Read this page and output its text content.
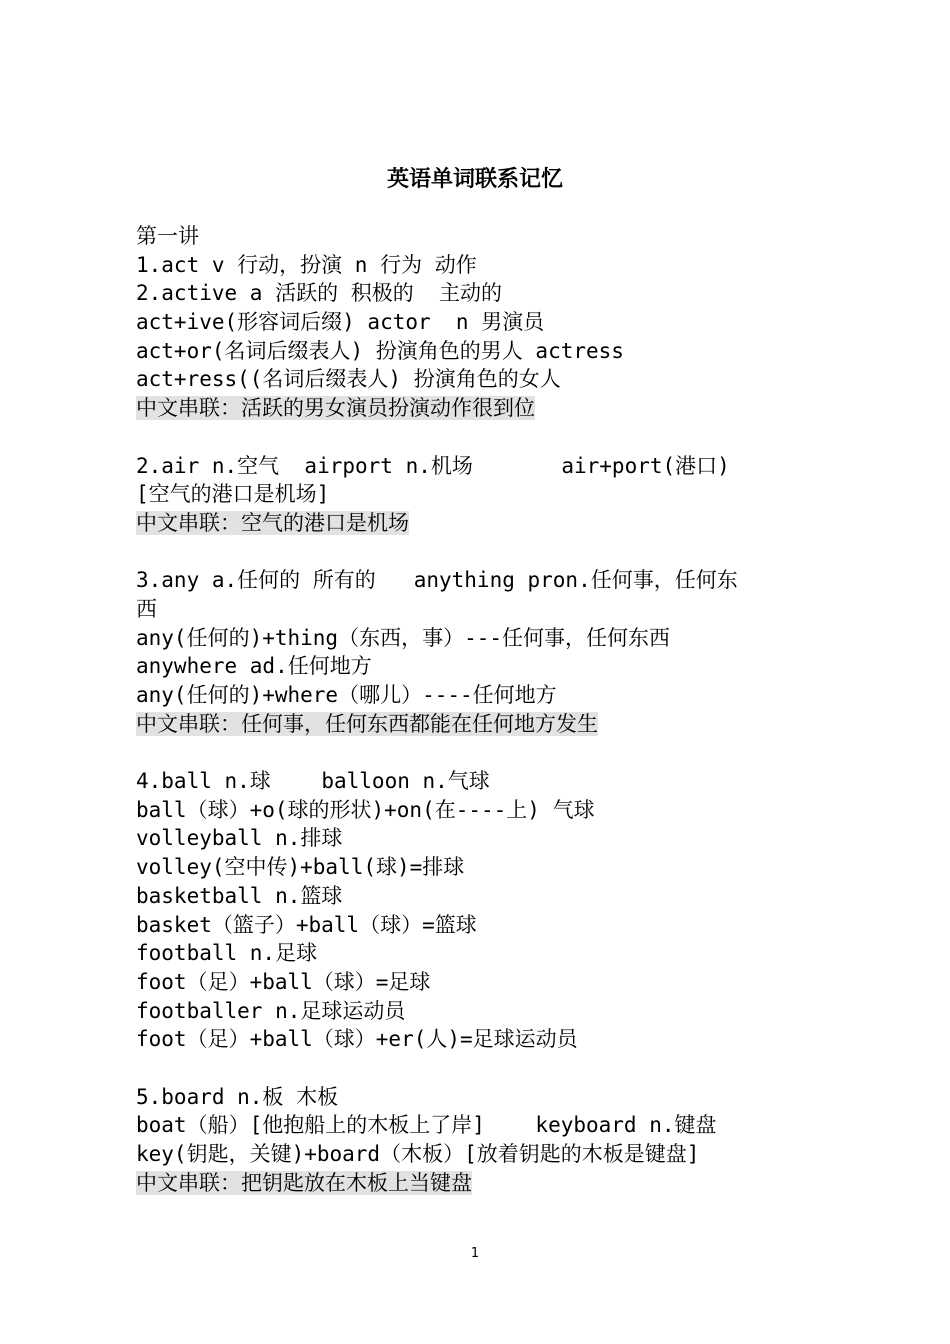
英语单词联系记忆
第一讲
1.act v 行动，扮演 n 行为 动作
2.active a 活跃的 积极的  主动的
act+ive(形容词后缀) actor  n 男演员
act+or(名词后缀表人) 扮演角色的男人 actress
act+ress((名词后缀表人) 扮演角色的女人
中文串联：活跃的男女演员扮演动作很到位
2.air n.空气  airport n.机场       air+port(港口)
[空气的港口是机场]
中文串联：空气的港口是机场
3.any a.任何的 所有的   anything pron.任何事，任何东
西
any(任何的)+thing（东西，事）---任何事，任何东西
anywhere ad.任何地方
any(任何的)+where（哪儿）----任何地方
中文串联：任何事，任何东西都能在任何地方发生
4.ball n.球    balloon n.气球
ball（球）+o(球的形状)+on(在----上) 气球
volleyball n.排球
volley(空中传)+ball(球)=排球
basketball n.篮球
basket（篮子）+ball（球）=篮球
football n.足球
foot（足）+ball（球）=足球
footballer n.足球运动员
foot（足）+ball（球）+er(人)=足球运动员
5.board n.板 木板
boat（船）[他抱船上的木板上了岸]    keyboard n.键盘
key(钥匙，关键)+board（木板）[放着钥匙的木板是键盘]
中文串联：把钥匙放在木板上当键盘
1
